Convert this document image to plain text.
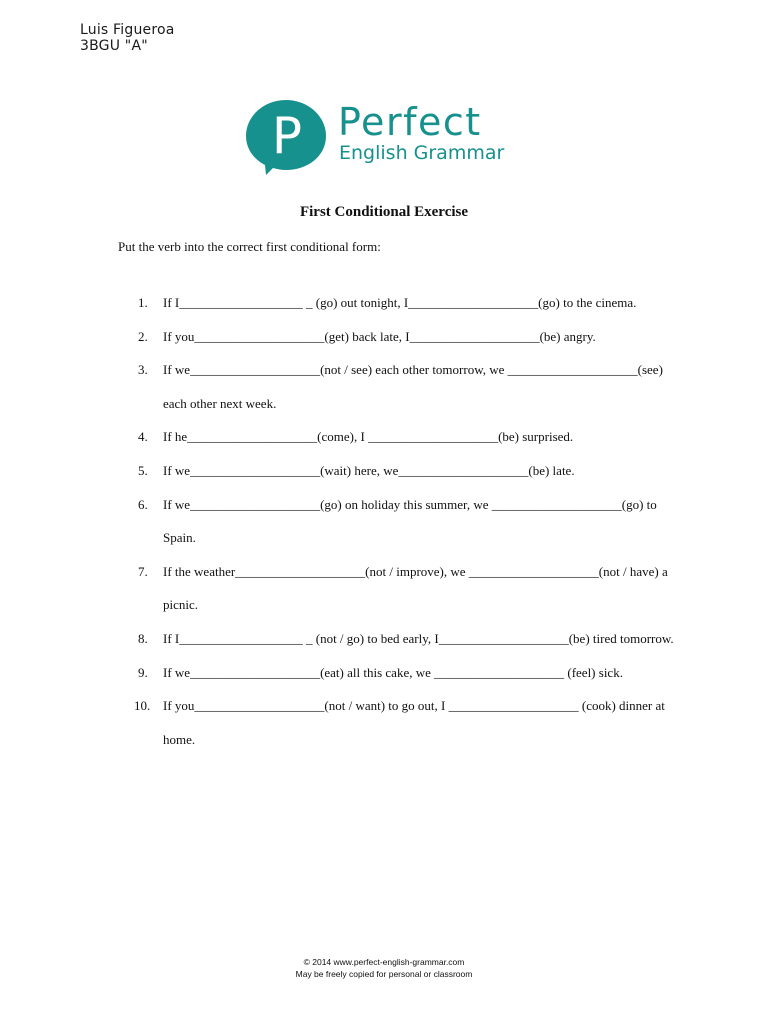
Luis Figueroa
3BGU "A"
P Perfect
English Grammar
First Conditional Exercise
Put the verb into the correct first conditional form:
1. If I___________________ _ (go) out tonight, I____________________(go) to the cinema.
2. If you____________________(get) back late, I____________________(be) angry.
3. If we____________________(not / see) each other tomorrow, we ____________________(see) each other next week.
4. If he____________________(come), I ____________________(be) surprised.
5. If we____________________(wait) here, we____________________(be) late.
6. If we____________________(go) on holiday this summer, we ____________________(go) to Spain.
7. If the weather____________________(not / improve), we ____________________(not / have) a picnic.
8. If I___________________ _ (not / go) to bed early, I____________________(be) tired tomorrow.
9. If we____________________(eat) all this cake, we ____________________ (feel) sick.
10. If you____________________(not / want) to go out, I ____________________ (cook) dinner at home.
© 2014 www.perfect-english-grammar.com
May be freely copied for personal or classroom
